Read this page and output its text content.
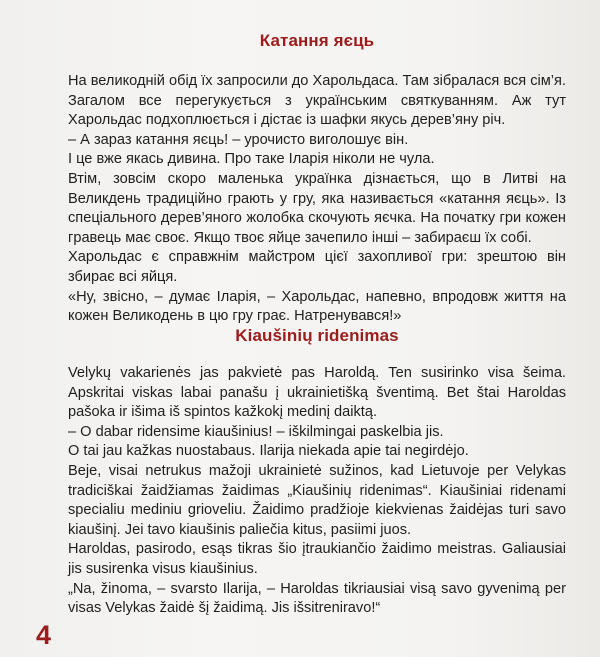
Катання яєць

На великодній обід їх запросили до Харольдаса. Там зібралася вся сім’я. Загалом все перегукується з українським святкуванням. Аж тут Харольдас подхоплюється і дістає із шафки якусь дерев’яну річ.

– А зараз катання яєць! – урочисто виголошує він.

І це вже якась дивина. Про таке Іларія ніколи не чула.

Втім, зовсім скоро маленька українка дізнається, що в Литві на Великдень традиційно грають у гру, яка називається «катання яєць». Із спеціального дерев’яного жолобка скочують яєчка. На початку гри кожен гравець має своє. Якщо твоє яйце зачепило інші – забираєш їх собі.

Харольдас є справжнім майстром цієї захопливої гри: зрештою він збирає всі яйця.

«Ну, звісно, – думає Іларія, – Харольдас, напевно, впродовж життя на кожен Великодень в цю гру грає. Натренувався!»

Kiaušinių ridenimas

Velykų vakarienės jas pakvietė pas Haroldą. Ten susirinko visa šeima. Apskritai viskas labai panašu į ukrainietišką šventimą. Bet štai Haroldas pašoka ir išima iš spintos kažkokį medinį daiktą.

– O dabar ridensime kiaušinius! – iškilmingai paskelbia jis.

O tai jau kažkas nuostabaus. Ilarija niekada apie tai negirdėjo.

Beje, visai netrukus mažoji ukrainietė sužinos, kad Lietuvoje per Velykas tradiciškai žaidžiamas žaidimas „Kiaušinių ridenimas“. Kiaušiniai ridenami specialiu mediniu grioveliu. Žaidimo pradžioje kiekvienas žaidėjas turi savo kiaušinį. Jei tavo kiaušinis paliečia kitus, pasiimi juos.

Haroldas, pasirodo, esąs tikras šio įtraukiančio žaidimo meistras. Galiausiai jis susirenka visus kiaušinius.

„Na, žinoma, – svarsto Ilarija, – Haroldas tikriausiai visą savo gyvenimą per visas Velykas žaidė šį žaidimą. Jis išsitreniravo!“

4
